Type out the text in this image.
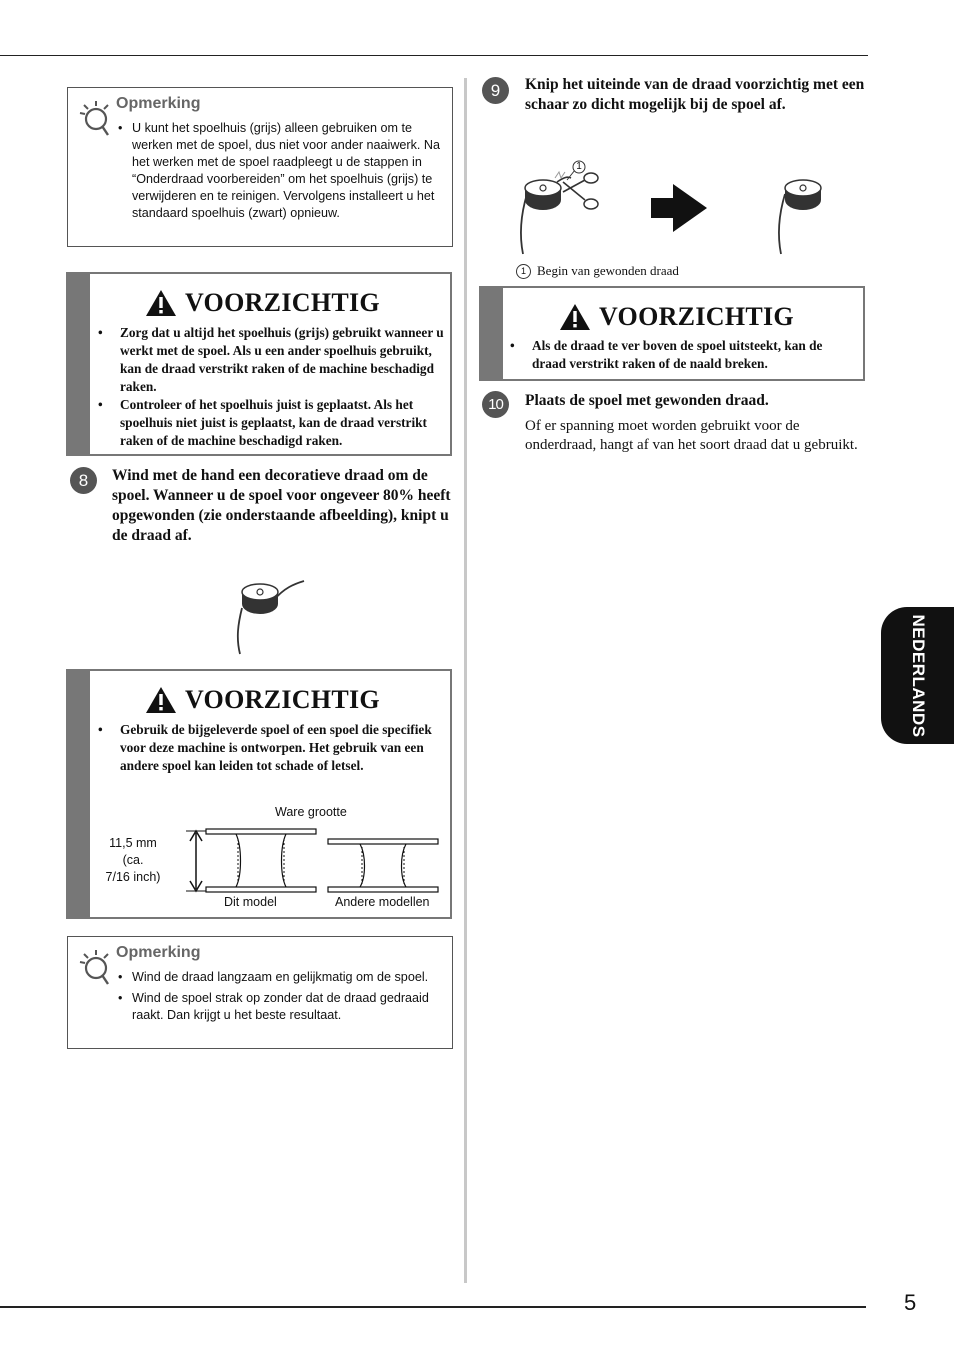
5
NEDERLANDS
Opmerking
• U kunt het spoelhuis (grijs) alleen gebruiken om te werken met de spoel, dus niet voor ander naaiwerk. Na het werken met de spoel raadpleegt u de stappen in “Onderdraad voorbereiden” om het spoelhuis (grijs) te verwijderen en te reinigen. Vervolgens installeert u het standaard spoelhuis (zwart) opnieuw.
VOORZICHTIG
• Zorg dat u altijd het spoelhuis (grijs) gebruikt wanneer u werkt met de spoel. Als u een ander spoelhuis gebruikt, kan de draad verstrikt raken of de machine beschadigd raken.
• Controleer of het spoelhuis juist is geplaatst. Als het spoelhuis niet juist is geplaatst, kan de draad verstrikt raken of de machine beschadigd raken.
8	Wind met de hand een decoratieve draad om de spoel. Wanneer u de spoel voor ongeveer 80% heeft opgewonden (zie onderstaande afbeelding), knipt u de draad af.
VOORZICHTIG
• Gebruik de bijgeleverde spoel of een spoel die specifiek voor deze machine is ontworpen. Het gebruik van een andere spoel kan leiden tot schade of letsel.
Ware grootte
11,5 mm
(ca.
7/16 inch)
Dit model	Andere modellen
Opmerking
• Wind de draad langzaam en gelijkmatig om de spoel.
• Wind de spoel strak op zonder dat de draad gedraaid raakt. Dan krijgt u het beste resultaat.
9	Knip het uiteinde van de draad voorzichtig met een schaar zo dicht mogelijk bij de spoel af.
1
1 Begin van gewonden draad
VOORZICHTIG
• Als de draad te ver boven de spoel uitsteekt, kan de draad verstrikt raken of de naald breken.
10	Plaats de spoel met gewonden draad.
Of er spanning moet worden gebruikt voor de onderdraad, hangt af van het soort draad dat u gebruikt.
